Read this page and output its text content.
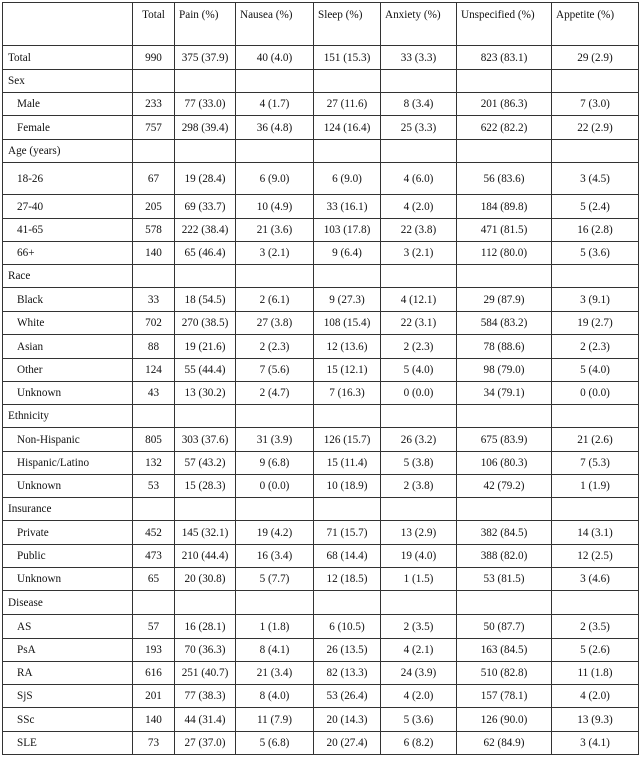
	Total	Pain (%)	Nausea (%)	Sleep (%)	Anxiety (%)	Unspecified (%)	Appetite (%)
Total	990	375 (37.9)	40 (4.0)	151 (15.3)	33 (3.3)	823 (83.1)	29 (2.9)
Sex							
Male	233	77 (33.0)	4 (1.7)	27 (11.6)	8 (3.4)	201 (86.3)	7 (3.0)
Female	757	298 (39.4)	36 (4.8)	124 (16.4)	25 (3.3)	622 (82.2)	22 (2.9)
Age (years)							
18-26	67	19 (28.4)	6 (9.0)	6 (9.0)	4 (6.0)	56 (83.6)	3 (4.5)
27-40	205	69 (33.7)	10 (4.9)	33 (16.1)	4 (2.0)	184 (89.8)	5 (2.4)
41-65	578	222 (38.4)	21 (3.6)	103 (17.8)	22 (3.8)	471 (81.5)	16 (2.8)
66+	140	65 (46.4)	3 (2.1)	9 (6.4)	3 (2.1)	112 (80.0)	5 (3.6)
Race							
Black	33	18 (54.5)	2 (6.1)	9 (27.3)	4 (12.1)	29 (87.9)	3 (9.1)
White	702	270 (38.5)	27 (3.8)	108 (15.4)	22 (3.1)	584 (83.2)	19 (2.7)
Asian	88	19 (21.6)	2 (2.3)	12 (13.6)	2 (2.3)	78 (88.6)	2 (2.3)
Other	124	55 (44.4)	7 (5.6)	15 (12.1)	5 (4.0)	98 (79.0)	5 (4.0)
Unknown	43	13 (30.2)	2 (4.7)	7 (16.3)	0 (0.0)	34 (79.1)	0 (0.0)
Ethnicity							
Non-Hispanic	805	303 (37.6)	31 (3.9)	126 (15.7)	26 (3.2)	675 (83.9)	21 (2.6)
Hispanic/Latino	132	57 (43.2)	9 (6.8)	15 (11.4)	5 (3.8)	106 (80.3)	7 (5.3)
Unknown	53	15 (28.3)	0 (0.0)	10 (18.9)	2 (3.8)	42 (79.2)	1 (1.9)
Insurance							
Private	452	145 (32.1)	19 (4.2)	71 (15.7)	13 (2.9)	382 (84.5)	14 (3.1)
Public	473	210 (44.4)	16 (3.4)	68 (14.4)	19 (4.0)	388 (82.0)	12 (2.5)
Unknown	65	20 (30.8)	5 (7.7)	12 (18.5)	1 (1.5)	53 (81.5)	3 (4.6)
Disease							
AS	57	16 (28.1)	1 (1.8)	6 (10.5)	2 (3.5)	50 (87.7)	2 (3.5)
PsA	193	70 (36.3)	8 (4.1)	26 (13.5)	4 (2.1)	163 (84.5)	5 (2.6)
RA	616	251 (40.7)	21 (3.4)	82 (13.3)	24 (3.9)	510 (82.8)	11 (1.8)
SjS	201	77 (38.3)	8 (4.0)	53 (26.4)	4 (2.0)	157 (78.1)	4 (2.0)
SSc	140	44 (31.4)	11 (7.9)	20 (14.3)	5 (3.6)	126 (90.0)	13 (9.3)
SLE	73	27 (37.0)	5 (6.8)	20 (27.4)	6 (8.2)	62 (84.9)	3 (4.1)
